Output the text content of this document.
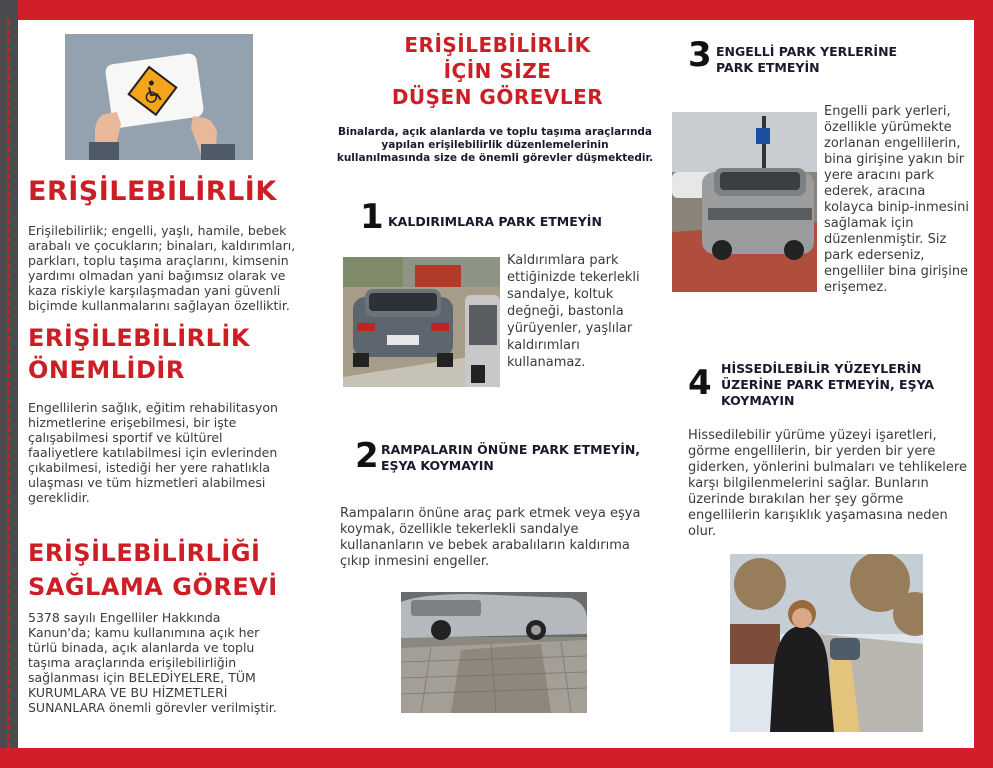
ERİŞİLEBİLİRLİK
Erişilebilirlik; engelli, yaşlı, hamile, bebek arabalı ve çocukların; binaları, kaldırımları, parkları, toplu taşıma araçlarını, kimsenin yardımı olmadan yani bağımsız olarak ve kaza riskiyle karşılaşmadan yani güvenli biçimde kullanmalarını sağlayan özelliktir.
ERİŞİLEBİLİRLİK
ÖNEMLİDİR
Engellilerin sağlık, eğitim rehabilitasyon hizmetlerine erişebilmesi, bir işte çalışabilmesi sportif ve kültürel faaliyetlere katılabilmesi için evlerinden çıkabilmesi, istediği her yere rahatlıkla ulaşması ve tüm hizmetleri alabilmesi gereklidir.
ERİŞİLEBİLİRLİĞİ
SAĞLAMA GÖREVİ
5378 sayılı Engelliler Hakkında Kanun'da; kamu kullanımına açık her türlü binada, açık alanlarda ve toplu taşıma araçlarında erişilebilirliğin sağlanması için BELEDİYELERE, TÜM KURUMLARA VE BU HİZMETLERİ SUNANLARA önemli görevler verilmiştir.
ERİŞİLEBİLİRLİK
İÇİN SİZE
DÜŞEN GÖREVLER
Binalarda, açık alanlarda ve toplu taşıma araçlarında yapılan erişilebilirlik düzenlemelerinin kullanılmasında size de önemli görevler düşmektedir.
1 KALDIRIMLARA PARK ETMEYİN
Kaldırımlara park ettiğinizde tekerlekli sandalye, koltuk değneği, bastonla yürüyenler, yaşlılar kaldırımları kullanamaz.
2 RAMPALARIN ÖNÜNE PARK ETMEYİN,
EŞYA KOYMAYIN
Rampaların önüne araç park etmek veya eşya koymak, özellikle tekerlekli sandalye kullananların ve bebek arabalıların kaldırıma çıkıp inmesini engeller.
3 ENGELLİ PARK YERLERİNE
PARK ETMEYİN
Engelli park yerleri, özellikle yürümekte zorlanan engellilerin, bina girişine yakın bir yere aracını park ederek, aracına kolayca binip-inmesini sağlamak için düzenlenmiştir. Siz park ederseniz, engelliler bina girişine erişemez.
4 HİSSEDİLEBİLİR YÜZEYLERİN
ÜZERİNE PARK ETMEYİN, EŞYA
KOYMAYIN
Hissedilebilir yürüme yüzeyi işaretleri, görme engellilerin, bir yerden bir yere giderken, yönlerini bulmaları ve tehlikelere karşı bilgilenmelerini sağlar. Bunların üzerinde bırakılan her şey görme engellilerin karışıklık yaşamasına neden olur.
